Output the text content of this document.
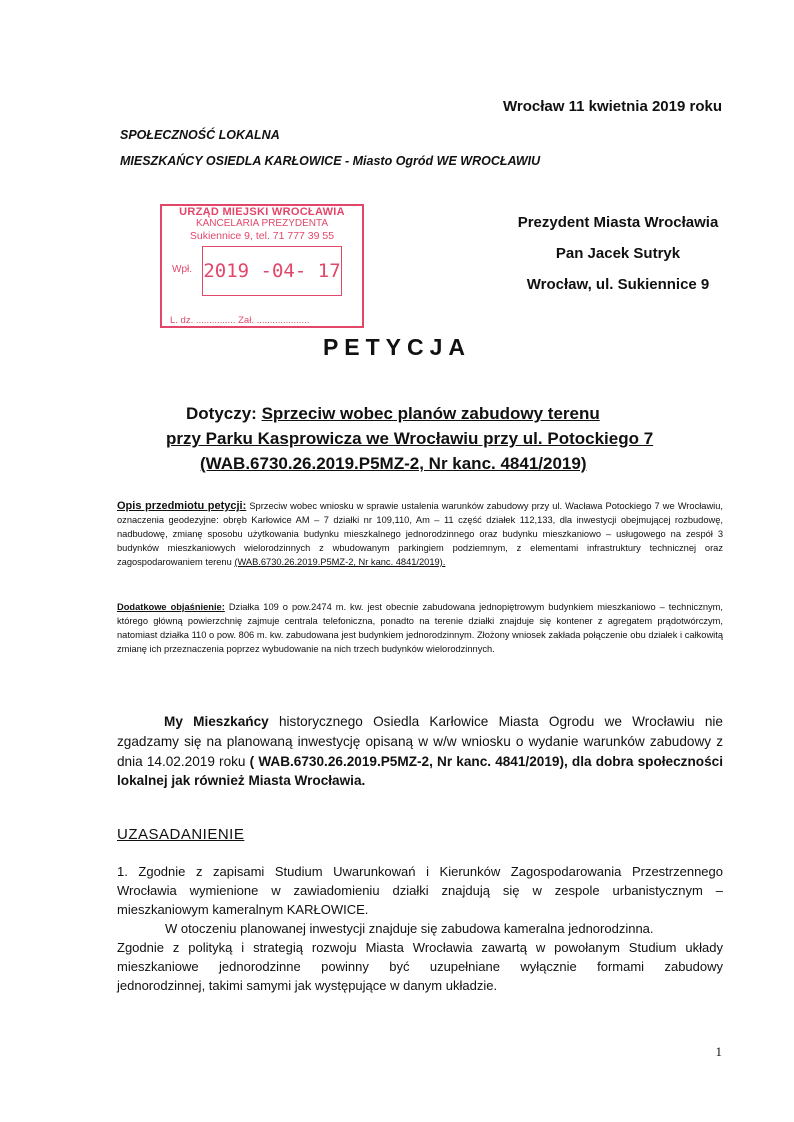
Wrocław 11 kwietnia 2019 roku
SPOŁECZNOŚĆ LOKALNA
MIESZKAŃCY OSIEDLA KARŁOWICE - Miasto Ogród WE WROCŁAWIU
Prezydent Miasta Wrocławia
Pan Jacek Sutryk
Wrocław, ul. Sukiennice 9
URZĄD MIEJSKI WROCŁAWIA
KANCELARIA PREZYDENTA
Sukiennice 9, tel. 71 777 39 55
Wpł. 2019 -04- 17
L. dz. ............... Zał. ....................
PETYCJA
Dotyczy: Sprzeciw wobec planów zabudowy terenu
przy Parku Kasprowicza we Wrocławiu przy ul. Potockiego 7
(WAB.6730.26.2019.P5MZ-2, Nr kanc. 4841/2019)
Opis przedmiotu petycji: Sprzeciw wobec wniosku w sprawie ustalenia warunków zabudowy przy ul. Wacława Potockiego 7 we Wrocławiu, oznaczenia geodezyjne: obręb Karłowice AM – 7 działki nr 109,110, Am – 11 część działek 112,133, dla inwestycji obejmującej rozbudowę, nadbudowę, zmianę sposobu użytkowania budynku mieszkalnego jednorodzinnego oraz budynku mieszkaniowo – usługowego na zespół 3 budynków mieszkaniowych wielorodzinnych z wbudowanym parkingiem podziemnym, z elementami infrastruktury technicznej oraz zagospodarowaniem terenu (WAB.6730.26.2019.P5MZ-2, Nr kanc. 4841/2019).
Dodatkowe objaśnienie: Działka 109 o pow.2474 m. kw. jest obecnie zabudowana jednopiętrowym budynkiem mieszkaniowo – technicznym, którego główną powierzchnię zajmuje centrala telefoniczna, ponadto na terenie działki znajduje się kontener z agregatem prądotwórczym, natomiast działka 110 o pow. 806 m. kw. zabudowana jest budynkiem jednorodzinnym. Złożony wniosek zakłada połączenie obu działek i całkowitą zmianę ich przeznaczenia poprzez wybudowanie na nich trzech budynków wielorodzinnych.
My Mieszkańcy historycznego Osiedla Karłowice Miasta Ogrodu we Wrocławiu nie zgadzamy się na planowaną inwestycję opisaną w w/w wniosku o wydanie warunków zabudowy z dnia 14.02.2019 roku ( WAB.6730.26.2019.P5MZ-2, Nr kanc. 4841/2019), dla dobra społeczności lokalnej jak również Miasta Wrocławia.
UZASADANIENIE
1. Zgodnie z zapisami Studium Uwarunkowań i Kierunków Zagospodarowania Przestrzennego
Wrocławia wymienione w zawiadomieniu działki znajdują się w zespole urbanistycznym –
mieszkaniowym kameralnym KARŁOWICE.
W otoczeniu planowanej inwestycji znajduje się zabudowa kameralna jednorodzinna.
Zgodnie z polityką i strategią rozwoju Miasta Wrocławia zawartą w powołanym Studium układy
mieszkaniowe jednorodzinne powinny być uzupełniane wyłącznie formami zabudowy
jednorodzinnej, takimi samymi jak występujące w danym układzie.
1
